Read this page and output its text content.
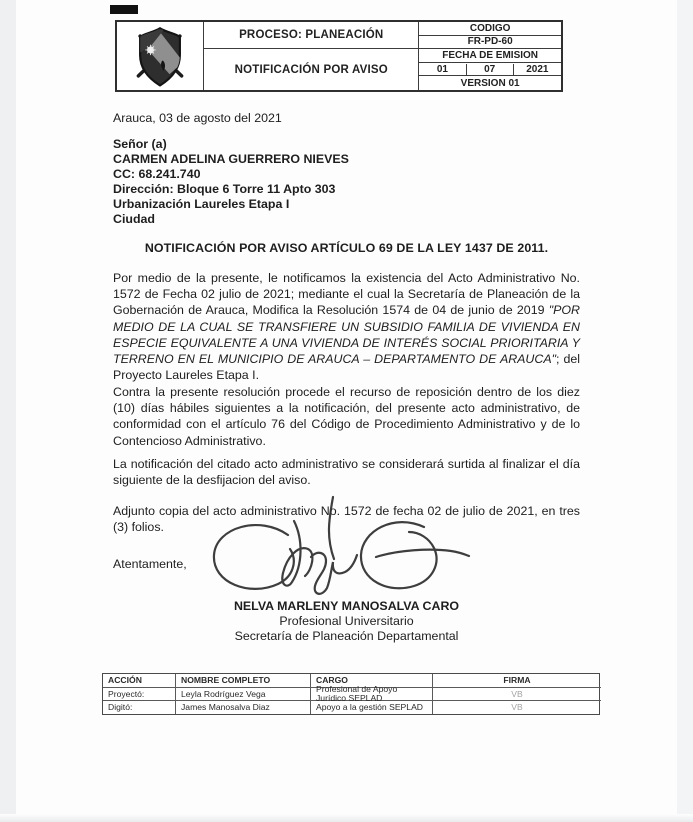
PROCESO: PLANEACIÓN
NOTIFICACIÓN POR AVISO
CODIGO
FR-PD-60
FECHA DE EMISION
01	07	2021
VERSION 01
Arauca, 03 de agosto del 2021
Señor (a)
CARMEN ADELINA GUERRERO NIEVES
CC: 68.241.740
Dirección: Bloque 6 Torre 11 Apto 303
Urbanización Laureles Etapa I
Ciudad
NOTIFICACIÓN POR AVISO ARTÍCULO 69 DE LA LEY 1437 DE 2011.

Por medio de la presente, le notificamos la existencia del Acto Administrativo No. 1572 de Fecha 02 julio de 2021; mediante el cual la Secretaría de Planeación de la Gobernación de Arauca, Modifica la Resolución 1574 de 04 de junio de 2019 "POR MEDIO DE LA CUAL SE TRANSFIERE UN SUBSIDIO FAMILIA DE VIVIENDA EN ESPECIE EQUIVALENTE A UNA VIVIENDA DE INTERÉS SOCIAL PRIORITARIA Y TERRENO EN EL MUNICIPIO DE ARAUCA – DEPARTAMENTO DE ARAUCA"; del Proyecto Laureles Etapa I.

Contra la presente resolución procede el recurso de reposición dentro de los diez (10) días hábiles siguientes a la notificación, del presente acto administrativo, de conformidad con el artículo 76 del Código de Procedimiento Administrativo y de lo Contencioso Administrativo.

La notificación del citado acto administrativo se considerará surtida al finalizar el día siguiente de la desfijacion del aviso.

Adjunto copia del acto administrativo No. 1572 de fecha 02 de julio de 2021, en tres (3) folios.

Atentamente,
NELVA MARLENY MANOSALVA CARO
Profesional Universitario
Secretaría de Planeación Departamental
ACCIÓN	NOMBRE COMPLETO	CARGO	FIRMA
Proyectó:	Leyla Rodríguez Vega	Profesional de Apoyo Jurídico SEPLAD	VB
Digitó:	James Manosalva Diaz	Apoyo a la gestión SEPLAD	VB
